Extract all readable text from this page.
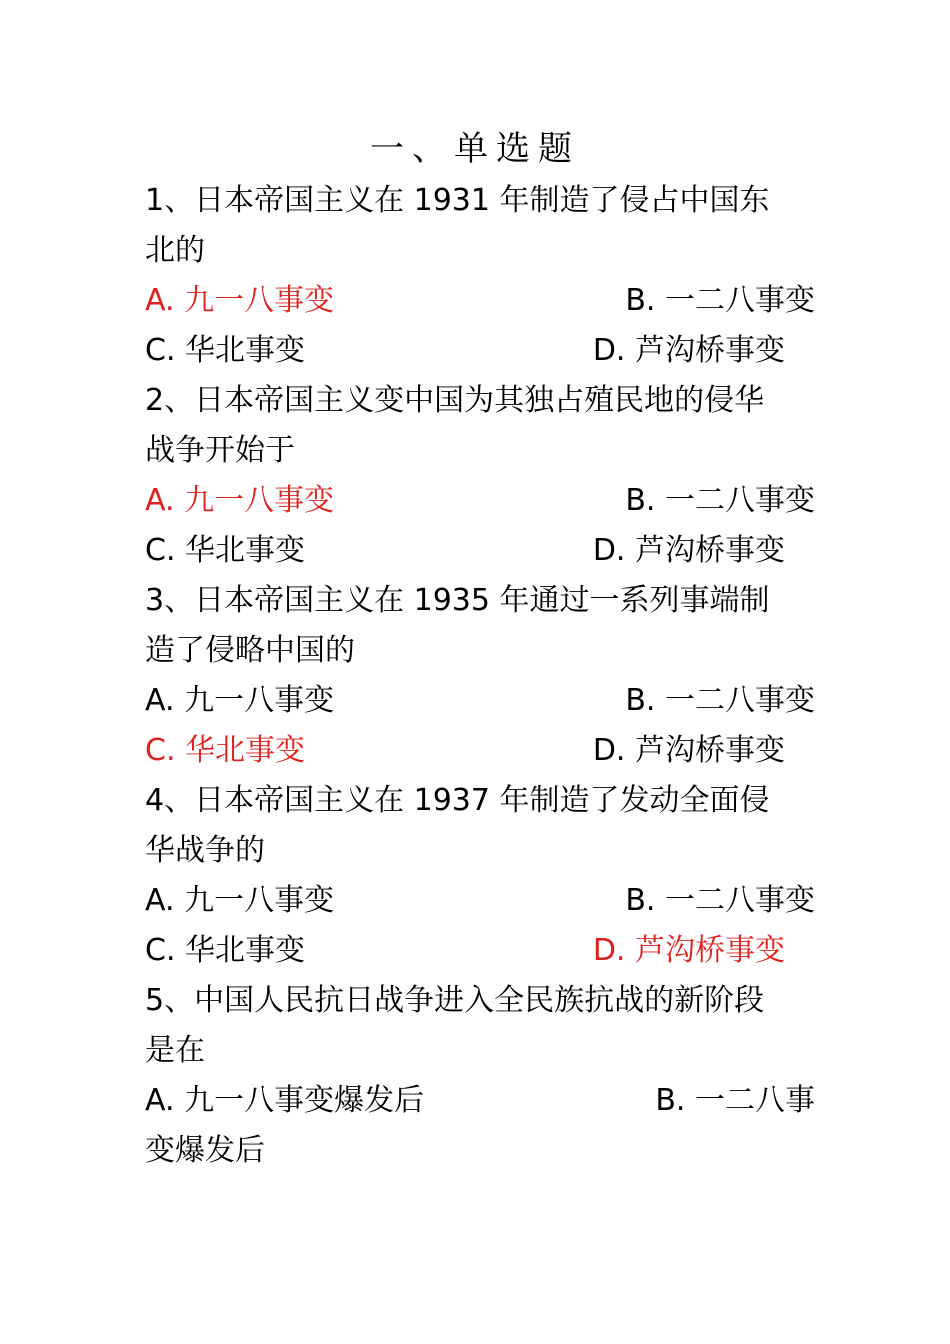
一、单选题
1、日本帝国主义在 1931 年制造了侵占中国东
北的
A. 九一八事变	B. 一二八事变
C. 华北事变	D. 芦沟桥事变
2、日本帝国主义变中国为其独占殖民地的侵华
战争开始于
A. 九一八事变	B. 一二八事变
C. 华北事变	D. 芦沟桥事变
3、日本帝国主义在 1935 年通过一系列事端制
造了侵略中国的
A. 九一八事变	B. 一二八事变
C. 华北事变	D. 芦沟桥事变
4、日本帝国主义在 1937 年制造了发动全面侵
华战争的
A. 九一八事变	B. 一二八事变
C. 华北事变	D. 芦沟桥事变
5、中国人民抗日战争进入全民族抗战的新阶段
是在
A. 九一八事变爆发后	B. 一二八事
变爆发后
